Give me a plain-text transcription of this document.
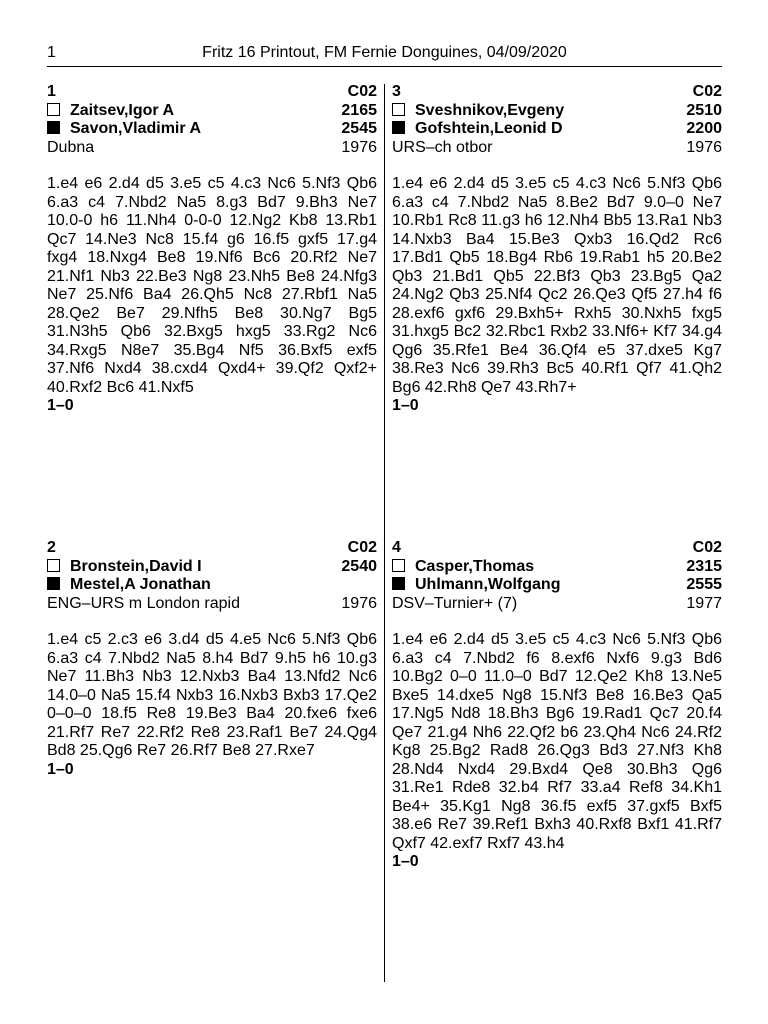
1	Fritz 16 Printout, FM Fernie Donguines, 04/09/2020
1	C02
Zaitsev,Igor A	2165
Savon,Vladimir A	2545
Dubna	1976
1.e4 e6 2.d4 d5 3.e5 c5 4.c3 Nc6 5.Nf3 Qb6 6.a3 c4 7.Nbd2 Na5 8.g3 Bd7 9.Bh3 Ne7 10.0-0 h6 11.Nh4 0-0-0 12.Ng2 Kb8 13.Rb1 Qc7 14.Ne3 Nc8 15.f4 g6 16.f5 gxf5 17.g4 fxg4 18.Nxg4 Be8 19.Nf6 Bc6 20.Rf2 Ne7 21.Nf1 Nb3 22.Be3 Ng8 23.Nh5 Be8 24.Nfg3 Ne7 25.Nf6 Ba4 26.Qh5 Nc8 27.Rbf1 Na5 28.Qe2 Be7 29.Nfh5 Be8 30.Ng7 Bg5 31.N3h5 Qb6 32.Bxg5 hxg5 33.Rg2 Nc6 34.Rxg5 N8e7 35.Bg4 Nf5 36.Bxf5 exf5 37.Nf6 Nxd4 38.cxd4 Qxd4+ 39.Qf2 Qxf2+ 40.Rxf2 Bc6 41.Nxf5
1–0
2	C02
Bronstein,David I	2540
Mestel,A Jonathan
ENG–URS m London rapid	1976
1.e4 c5 2.c3 e6 3.d4 d5 4.e5 Nc6 5.Nf3 Qb6 6.a3 c4 7.Nbd2 Na5 8.h4 Bd7 9.h5 h6 10.g3 Ne7 11.Bh3 Nb3 12.Nxb3 Ba4 13.Nfd2 Nc6 14.0–0 Na5 15.f4 Nxb3 16.Nxb3 Bxb3 17.Qe2 0–0–0 18.f5 Re8 19.Be3 Ba4 20.fxe6 fxe6 21.Rf7 Re7 22.Rf2 Re8 23.Raf1 Be7 24.Qg4 Bd8 25.Qg6 Re7 26.Rf7 Be8 27.Rxe7
1–0
3	C02
Sveshnikov,Evgeny	2510
Gofshtein,Leonid D	2200
URS–ch otbor	1976
1.e4 e6 2.d4 d5 3.e5 c5 4.c3 Nc6 5.Nf3 Qb6 6.a3 c4 7.Nbd2 Na5 8.Be2 Bd7 9.0–0 Ne7 10.Rb1 Rc8 11.g3 h6 12.Nh4 Bb5 13.Ra1 Nb3 14.Nxb3 Ba4 15.Be3 Qxb3 16.Qd2 Rc6 17.Bd1 Qb5 18.Bg4 Rb6 19.Rab1 h5 20.Be2 Qb3 21.Bd1 Qb5 22.Bf3 Qb3 23.Bg5 Qa2 24.Ng2 Qb3 25.Nf4 Qc2 26.Qe3 Qf5 27.h4 f6 28.exf6 gxf6 29.Bxh5+ Rxh5 30.Nxh5 fxg5 31.hxg5 Bc2 32.Rbc1 Rxb2 33.Nf6+ Kf7 34.g4 Qg6 35.Rfe1 Be4 36.Qf4 e5 37.dxe5 Kg7 38.Re3 Nc6 39.Rh3 Bc5 40.Rf1 Qf7 41.Qh2 Bg6 42.Rh8 Qe7 43.Rh7+
1–0
4	C02
Casper,Thomas	2315
Uhlmann,Wolfgang	2555
DSV–Turnier+ (7)	1977
1.e4 e6 2.d4 d5 3.e5 c5 4.c3 Nc6 5.Nf3 Qb6 6.a3 c4 7.Nbd2 f6 8.exf6 Nxf6 9.g3 Bd6 10.Bg2 0–0 11.0–0 Bd7 12.Qe2 Kh8 13.Ne5 Bxe5 14.dxe5 Ng8 15.Nf3 Be8 16.Be3 Qa5 17.Ng5 Nd8 18.Bh3 Bg6 19.Rad1 Qc7 20.f4 Qe7 21.g4 Nh6 22.Qf2 b6 23.Qh4 Nc6 24.Rf2 Kg8 25.Bg2 Rad8 26.Qg3 Bd3 27.Nf3 Kh8 28.Nd4 Nxd4 29.Bxd4 Qe8 30.Bh3 Qg6 31.Re1 Rde8 32.b4 Rf7 33.a4 Ref8 34.Kh1 Be4+ 35.Kg1 Ng8 36.f5 exf5 37.gxf5 Bxf5 38.e6 Re7 39.Ref1 Bxh3 40.Rxf8 Bxf1 41.Rf7 Qxf7 42.exf7 Rxf7 43.h4
1–0
